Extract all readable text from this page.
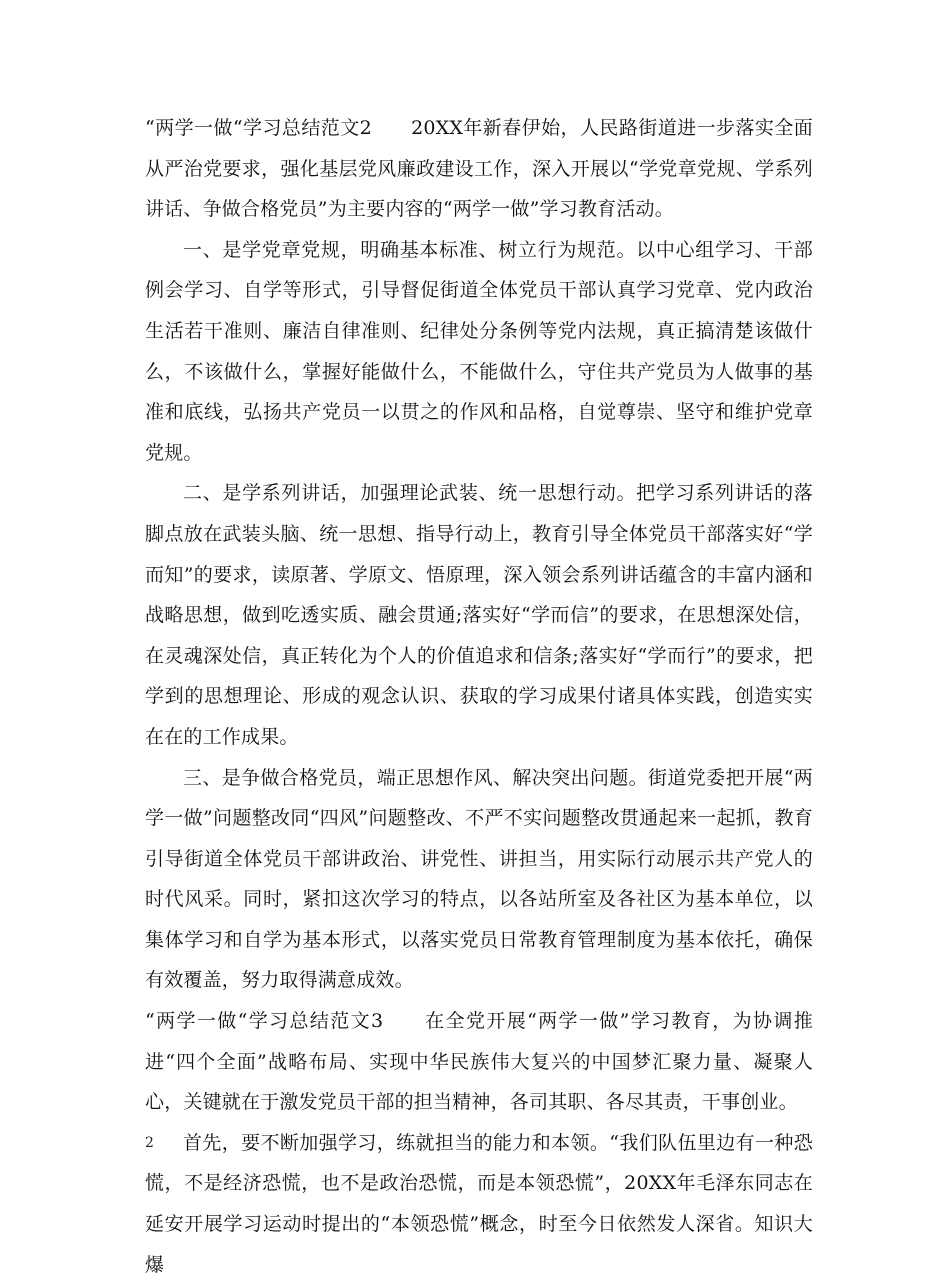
“两学一做“学习总结范文2　　20XX年新春伊始，人民路街道进一步落实全面从严治党要求，强化基层党风廉政建设工作，深入开展以“学党章党规、学系列讲话、争做合格党员”为主要内容的“两学一做”学习教育活动。

一、是学党章党规，明确基本标准、树立行为规范。以中心组学习、干部例会学习、自学等形式，引导督促街道全体党员干部认真学习党章、党内政治生活若干准则、廉洁自律准则、纪律处分条例等党内法规，真正搞清楚该做什么，不该做什么，掌握好能做什么，不能做什么，守住共产党员为人做事的基准和底线，弘扬共产党员一以贯之的作风和品格，自觉尊崇、坚守和维护党章党规。

二、是学系列讲话，加强理论武装、统一思想行动。把学习系列讲话的落脚点放在武装头脑、统一思想、指导行动上，教育引导全体党员干部落实好“学而知”的要求，读原著、学原文、悟原理，深入领会系列讲话蕴含的丰富内涵和战略思想，做到吃透实质、融会贯通;落实好“学而信”的要求，在思想深处信，在灵魂深处信，真正转化为个人的价值追求和信条;落实好“学而行”的要求，把学到的思想理论、形成的观念认识、获取的学习成果付诸具体实践，创造实实在在的工作成果。

三、是争做合格党员，端正思想作风、解决突出问题。街道党委把开展“两学一做”问题整改同“四风”问题整改、不严不实问题整改贯通起来一起抓，教育引导街道全体党员干部讲政治、讲党性、讲担当，用实际行动展示共产党人的时代风采。同时，紧扣这次学习的特点，以各站所室及各社区为基本单位，以集体学习和自学为基本形式，以落实党员日常教育管理制度为基本依托，确保有效覆盖，努力取得满意成效。

“两学一做“学习总结范文3　　在全党开展“两学一做”学习教育，为协调推进“四个全面”战略布局、实现中华民族伟大复兴的中国梦汇聚力量、凝聚人心，关键就在于激发党员干部的担当精神，各司其职、各尽其责，干事创业。

首先，要不断加强学习，练就担当的能力和本领。“我们队伍里边有一种恐慌，不是经济恐慌，也不是政治恐慌，而是本领恐慌”，20XX年毛泽东同志在延安开展学习运动时提出的“本领恐慌”概念，时至今日依然发人深省。知识大爆

2
